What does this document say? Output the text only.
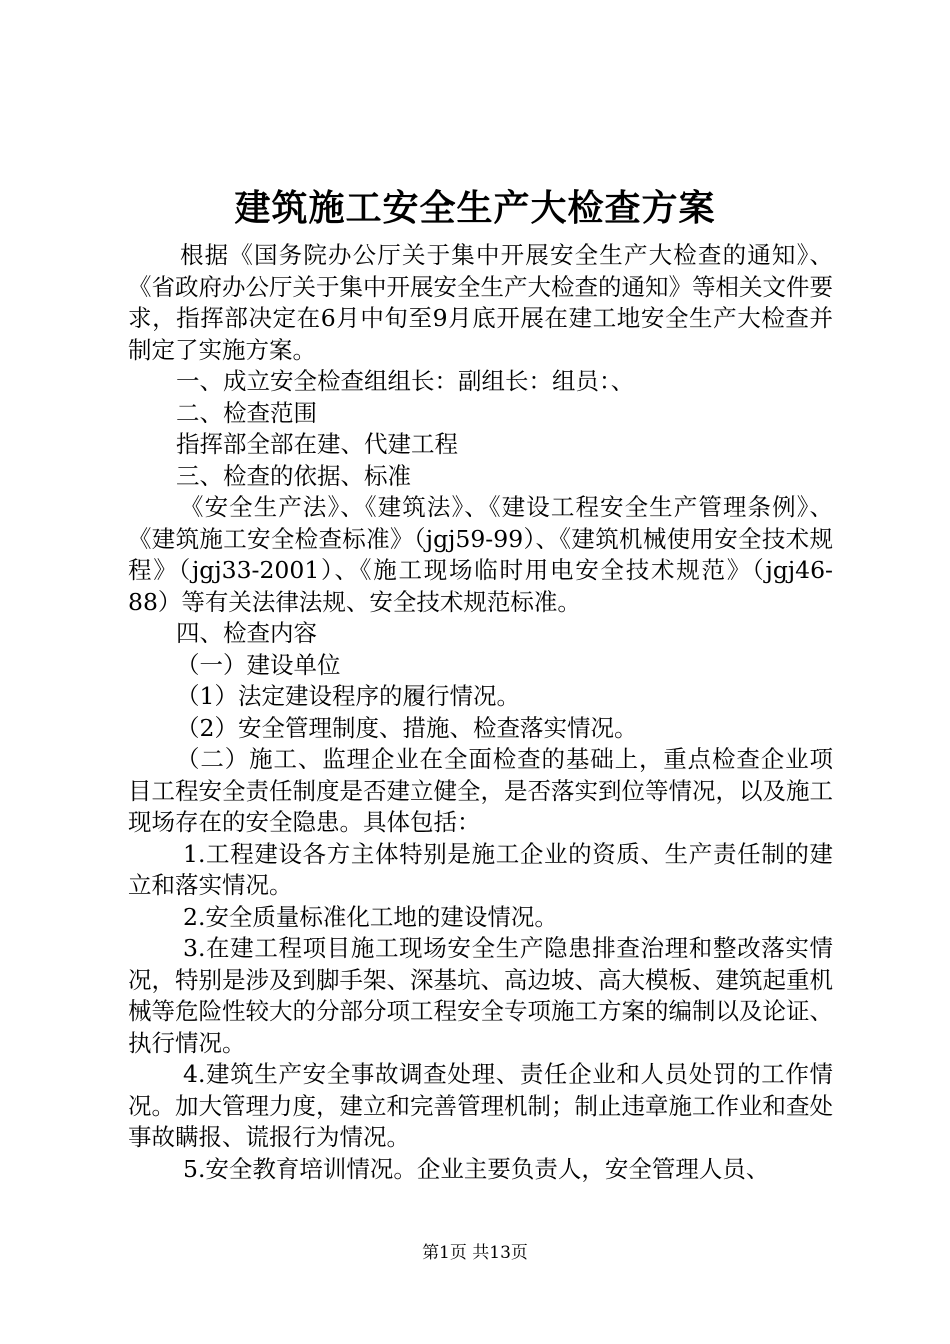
建筑施工安全生产大检查方案

根据《国务院办公厅关于集中开展安全生产大检查的通知》、《省政府办公厅关于集中开展安全生产大检查的通知》等相关文件要求，指挥部决定在6月中旬至9月底开展在建工地安全生产大检查并制定了实施方案。

一、成立安全检查组组长：副组长：组员：、

二、检查范围

指挥部全部在建、代建工程

三、检查的依据、标准

《安全生产法》、《建筑法》、《建设工程安全生产管理条例》、《建筑施工安全检查标准》（jgj59-99）、《建筑机械使用安全技术规程》（jgj33-2001）、《施工现场临时用电安全技术规范》（jgj46-88）等有关法律法规、安全技术规范标准。

四、检查内容

（一）建设单位

（1）法定建设程序的履行情况。

（2）安全管理制度、措施、检查落实情况。

（二）施工、监理企业在全面检查的基础上，重点检查企业项目工程安全责任制度是否建立健全，是否落实到位等情况，以及施工现场存在的安全隐患。具体包括：

1.工程建设各方主体特别是施工企业的资质、生产责任制的建立和落实情况。

2.安全质量标准化工地的建设情况。

3.在建工程项目施工现场安全生产隐患排查治理和整改落实情况，特别是涉及到脚手架、深基坑、高边坡、高大模板、建筑起重机械等危险性较大的分部分项工程安全专项施工方案的编制以及论证、执行情况。

4.建筑生产安全事故调查处理、责任企业和人员处罚的工作情况。加大管理力度，建立和完善管理机制；制止违章施工作业和查处事故瞒报、谎报行为情况。

5.安全教育培训情况。企业主要负责人，安全管理人员、

第1页 共13页
